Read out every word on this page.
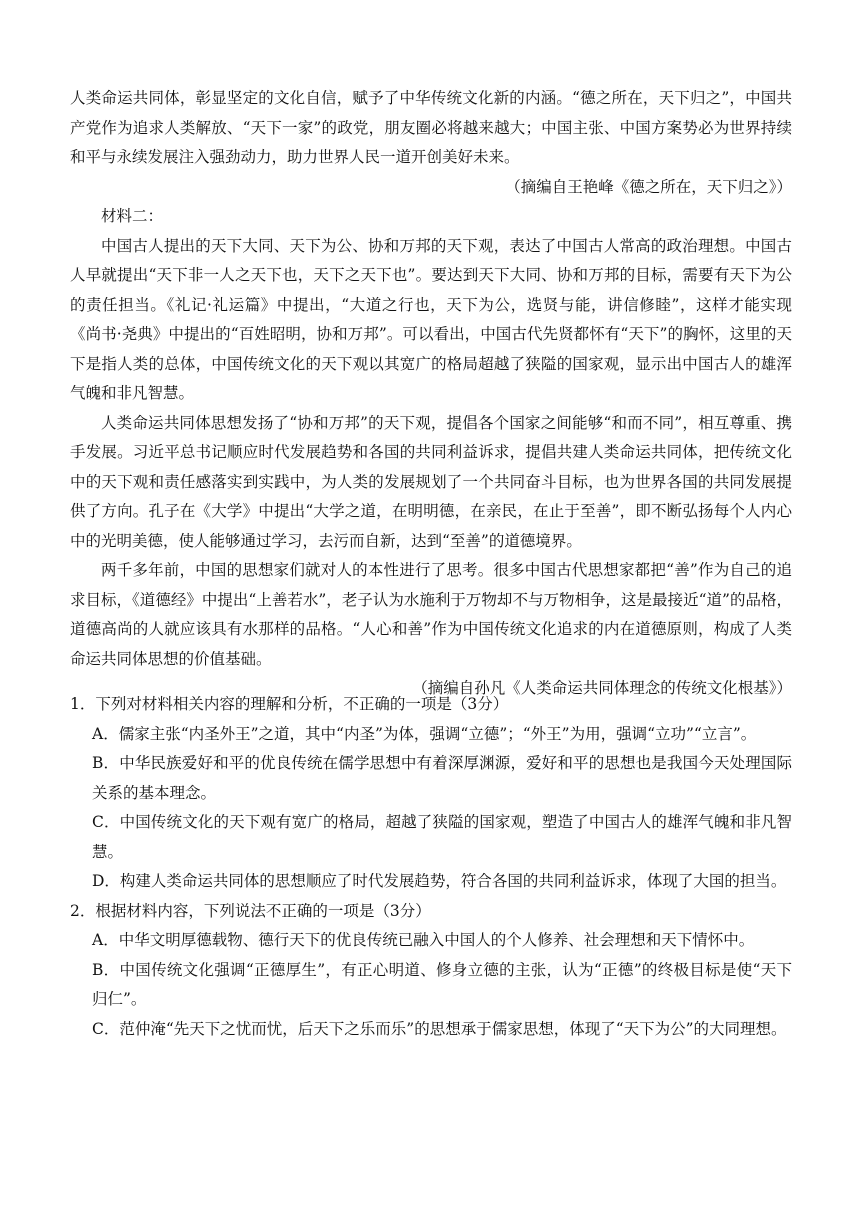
人类命运共同体，彰显坚定的文化自信，赋予了中华传统文化新的内涵。“德之所在，天下归之”，中国共产党作为追求人类解放、“天下一家”的政党，朋友圈必将越来越大；中国主张、中国方案势必为世界持续和平与永续发展注入强劲动力，助力世界人民一道开创美好未来。

（摘编自王艳峰《德之所在，天下归之》）

材料二：

中国古人提出的天下大同、天下为公、协和万邦的天下观，表达了中国古人常高的政治理想。中国古人早就提出“天下非一人之天下也，天下之天下也”。要达到天下大同、协和万邦的目标，需要有天下为公的责任担当。《礼记·礼运篇》中提出，“大道之行也，天下为公，选贤与能，讲信修睦”，这样才能实现《尚书·尧典》中提出的“百姓昭明，协和万邦”。可以看出，中国古代先贤都怀有“天下”的胸怀，这里的天下是指人类的总体，中国传统文化的天下观以其宽广的格局超越了狭隘的国家观，显示出中国古人的雄浑气魄和非凡智慧。

人类命运共同体思想发扬了“协和万邦”的天下观，提倡各个国家之间能够“和而不同”，相互尊重、携手发展。习近平总书记顺应时代发展趋势和各国的共同利益诉求，提倡共建人类命运共同体，把传统文化中的天下观和责任感落实到实践中，为人类的发展规划了一个共同奋斗目标，也为世界各国的共同发展提供了方向。孔子在《大学》中提出“大学之道，在明明德，在亲民，在止于至善”，即不断弘扬每个人内心中的光明美德，使人能够通过学习，去污而自新，达到“至善”的道德境界。

两千多年前，中国的思想家们就对人的本性进行了思考。很多中国古代思想家都把“善”作为自己的追求目标，《道德经》中提出“上善若水”，老子认为水施利于万物却不与万物相争，这是最接近“道”的品格，道德高尚的人就应该具有水那样的品格。“人心和善”作为中国传统文化追求的内在道德原则，构成了人类命运共同体思想的价值基础。

（摘编自孙凡《人类命运共同体理念的传统文化根基》）

1．下列对材料相关内容的理解和分析，不正确的一项是（3分）

A．儒家主张“内圣外王”之道，其中“内圣”为体，强调“立德”；“外王”为用，强调“立功”“立言”。

B．中华民族爱好和平的优良传统在儒学思想中有着深厚渊源，爱好和平的思想也是我国今天处理国际关系的基本理念。

C．中国传统文化的天下观有宽广的格局，超越了狭隘的国家观，塑造了中国古人的雄浑气魄和非凡智慧。

D．构建人类命运共同体的思想顺应了时代发展趋势，符合各国的共同利益诉求，体现了大国的担当。

2．根据材料内容，下列说法不正确的一项是（3分）

A．中华文明厚德载物、德行天下的优良传统已融入中国人的个人修养、社会理想和天下情怀中。

B．中国传统文化强调“正德厚生”，有正心明道、修身立德的主张，认为“正德”的终极目标是使“天下归仁”。

C．范仲淹“先天下之忧而忧，后天下之乐而乐”的思想承于儒家思想，体现了“天下为公”的大同理想。
